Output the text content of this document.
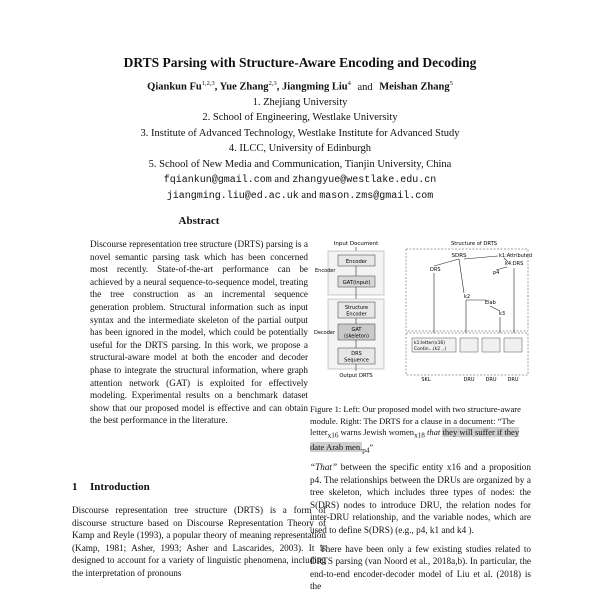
DRTS Parsing with Structure-Aware Encoding and Decoding
Qiankun Fu$^{1,2,3}$, Yue Zhang$^{2,3}$, Jiangming Liu$^4$ and Meishan Zhang$^5$
1. Zhejiang University
2. School of Engineering, Westlake University
3. Institute of Advanced Technology, Westlake Institute for Advanced Study
4. ILCC, University of Edinburgh
5. School of New Media and Communication, Tianjin University, China
fqiankun@gmail.com and zhangyue@westlake.edu.cn
jiangming.liu@ed.ac.uk and mason.zms@gmail.com
Abstract
Discourse representation tree structure (DRTS) parsing is a novel semantic parsing task which has been concerned most recently. State-of-the-art performance can be achieved by a neural sequence-to-sequence model, treating the tree construction as an incremental sequence generation problem. Structural information such as input syntax and the intermediate skeleton of the partial output has been ignored in the model, which could be potentially useful for the DRTS parsing. In this work, we propose a structural-aware model at both the encoder and decoder phase to integrate the structural information, where graph attention network (GAT) is exploited for effectively modeling. Experimental results on a benchmark dataset show that our proposed model is effective and can obtain the best performance in the literature.
1 Introduction
Discourse representation tree structure (DRTS) is a form of discourse structure based on Discourse Representation Theory of Kamp and Reyle (1993), a popular theory of meaning representation (Kamp, 1981; Asher, 1993; Asher and Lascarides, 2003). It is designed to account for a variety of linguistic phenomena, including the interpretation of pronouns
Input Document
Encoder
GAT(input)
Encoder
Structure
Encoder
GAT
(skeleton)
Decoder
DRS
Sequence
Output DRTS
Structure of DRTS
SDRS	k1:Attributed
k4:DRS
p4
DRS
k2
Elab
k3
k1:letter(x16)
Contin...(k2 ..)
SKL	DRU DRU DRU
Figure 1: Left: Our proposed model with two structure-aware module. Right: The DRTS for a clause in a document: “The letter$_{x16}$ warns Jewish women$_{x18}$ that they will suffer if they date Arab $men._{p4}$”

“That” between the specific entity x16 and a proposition p4. The relationships between the DRUs are organized by a tree skeleton, which includes three types of nodes: the S(DRS) nodes to introduce DRU, the relation nodes for inter-DRU relationship, and the variable nodes, which are used to define S(DRS) (e.g., p4, k1 and k4 ).

There have been only a few existing studies related to DRTS parsing (van Noord et al., 2018a,b). In particular, the end-to-end encoder-decoder model of Liu et al. (2018) is the
